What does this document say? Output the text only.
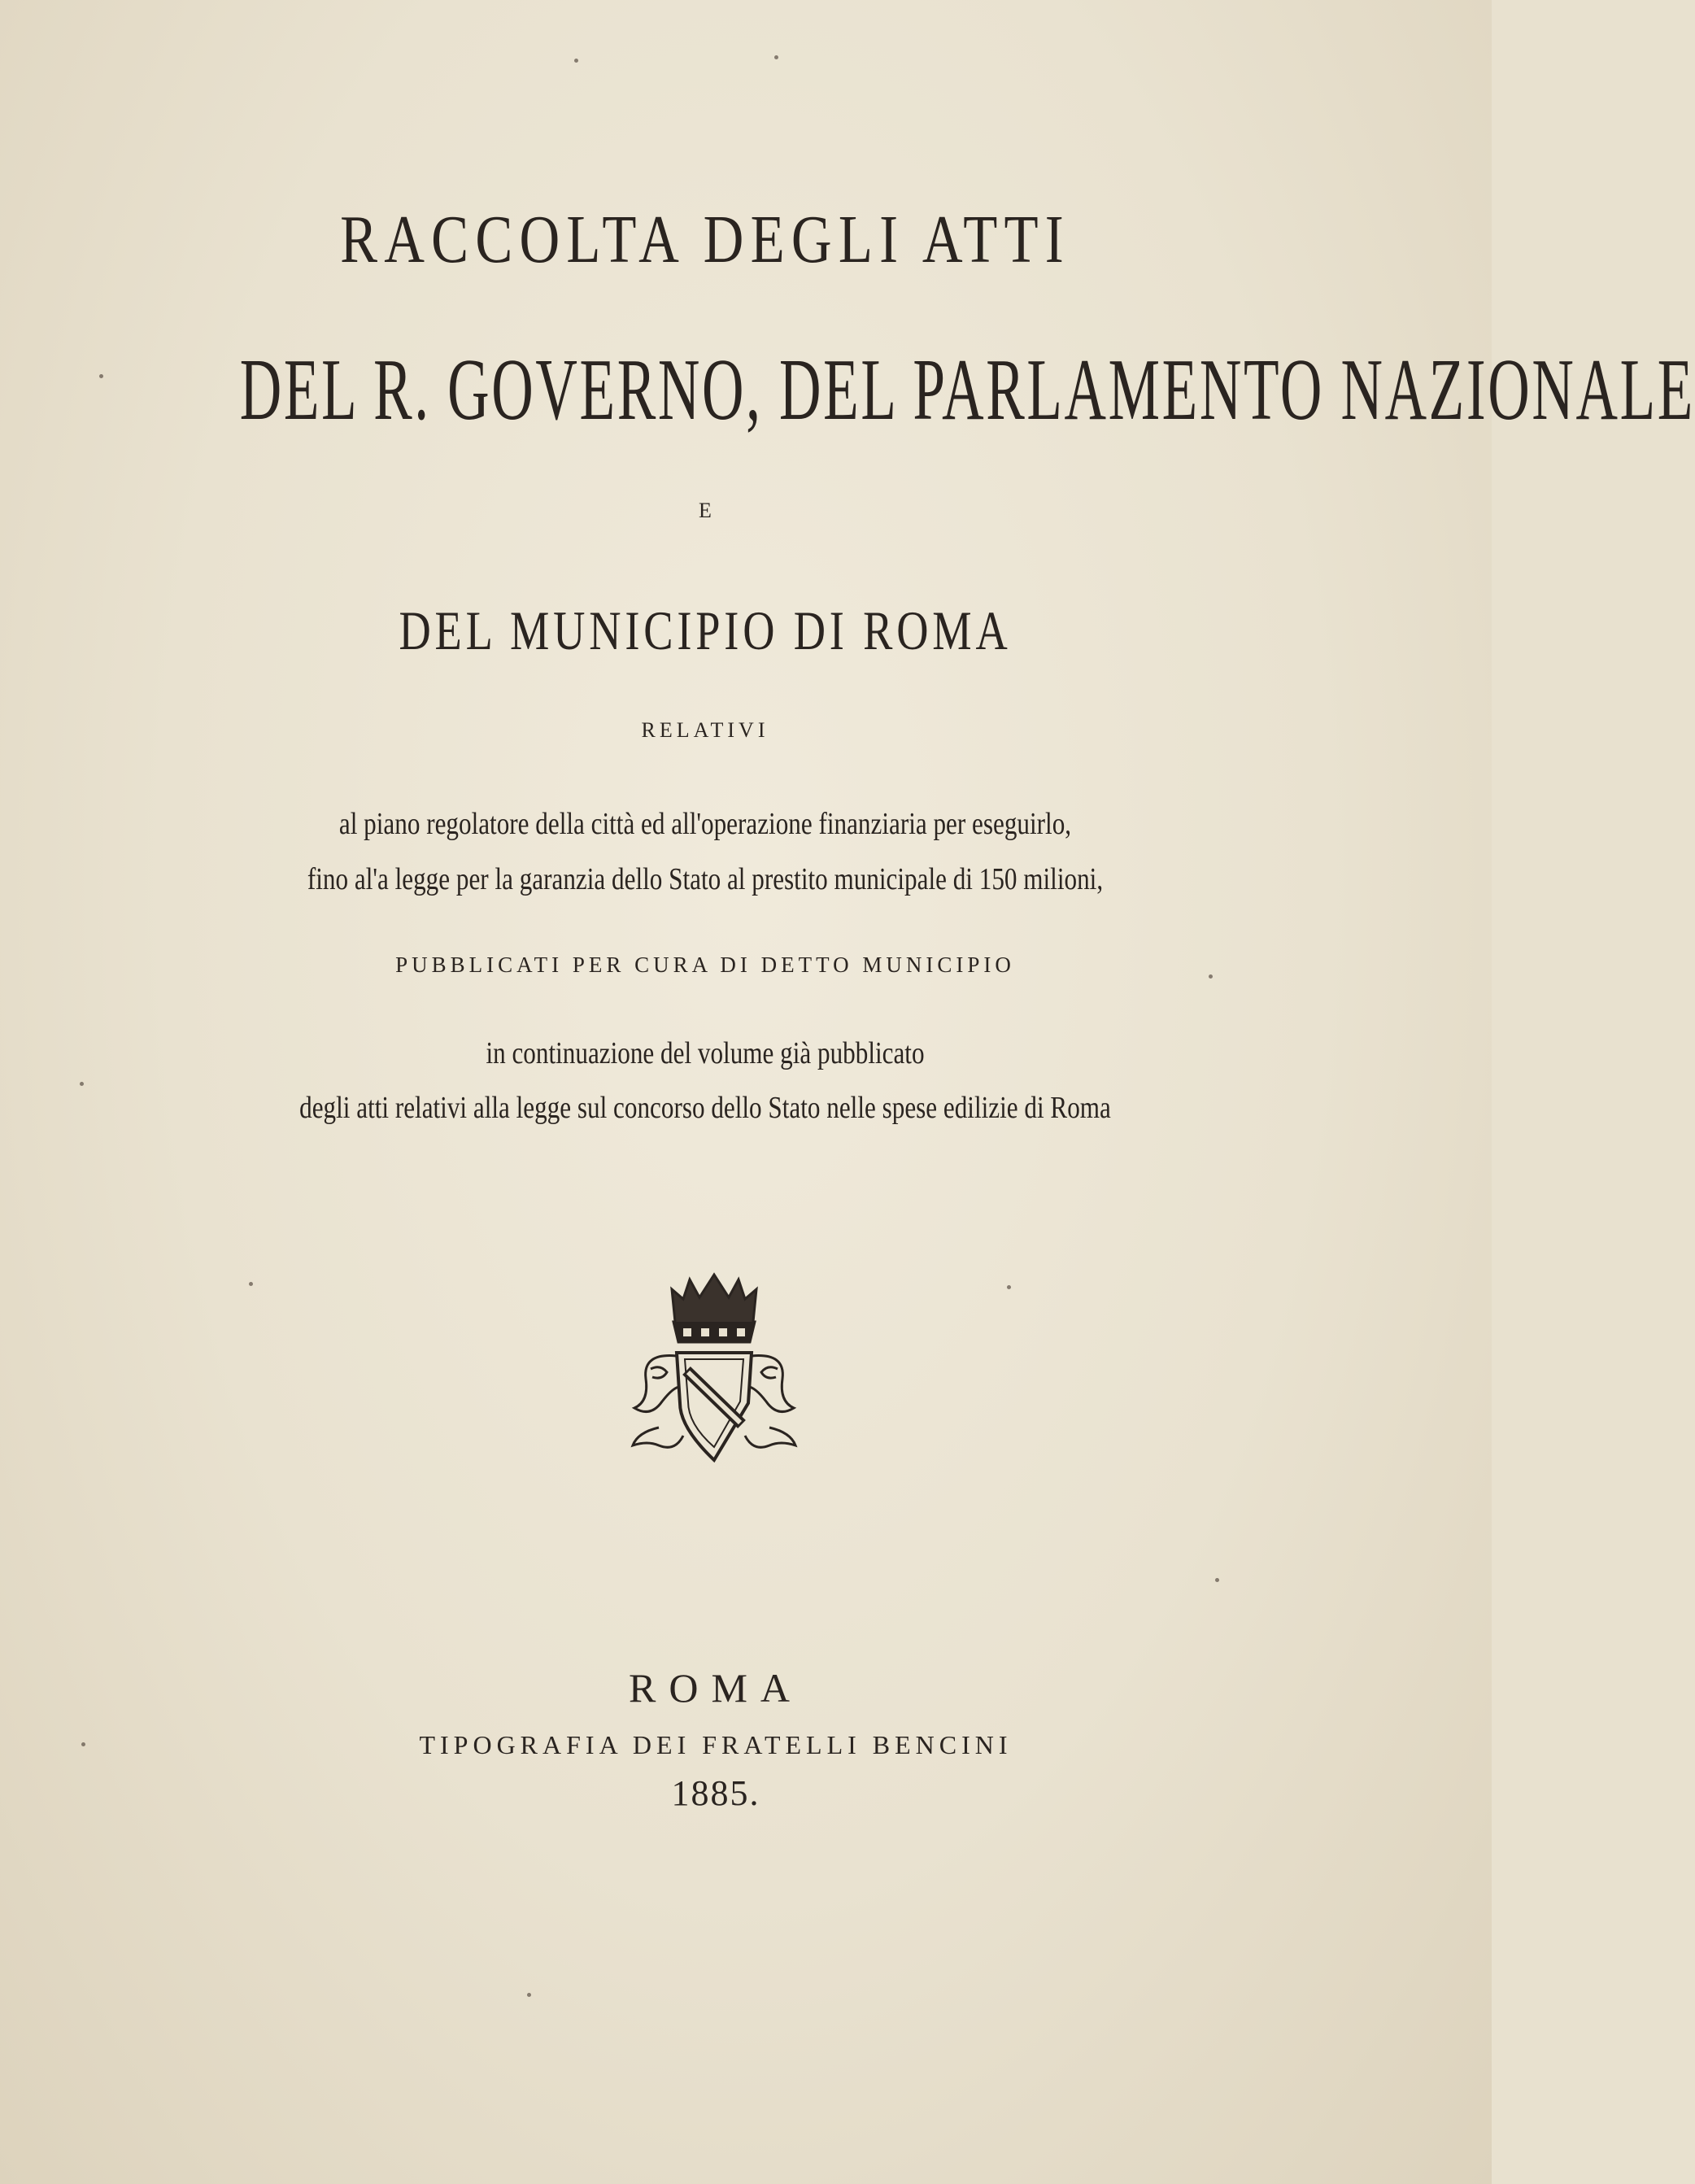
RACCOLTA DEGLI ATTI
DEL R. GOVERNO, DEL PARLAMENTO NAZIONALE
E
DEL MUNICIPIO DI ROMA
RELATIVI
al piano regolatore della città ed all'operazione finanziaria per eseguirlo,
fino al'a legge per la garanzia dello Stato al prestito municipale di 150 milioni,
PUBBLICATI PER CURA DI DETTO MUNICIPIO
in continuazione del volume già pubblicato
degli atti relativi alla legge sul concorso dello Stato nelle spese edilizie di Roma
ROMA
TIPOGRAFIA DEI FRATELLI BENCINI
1885.
